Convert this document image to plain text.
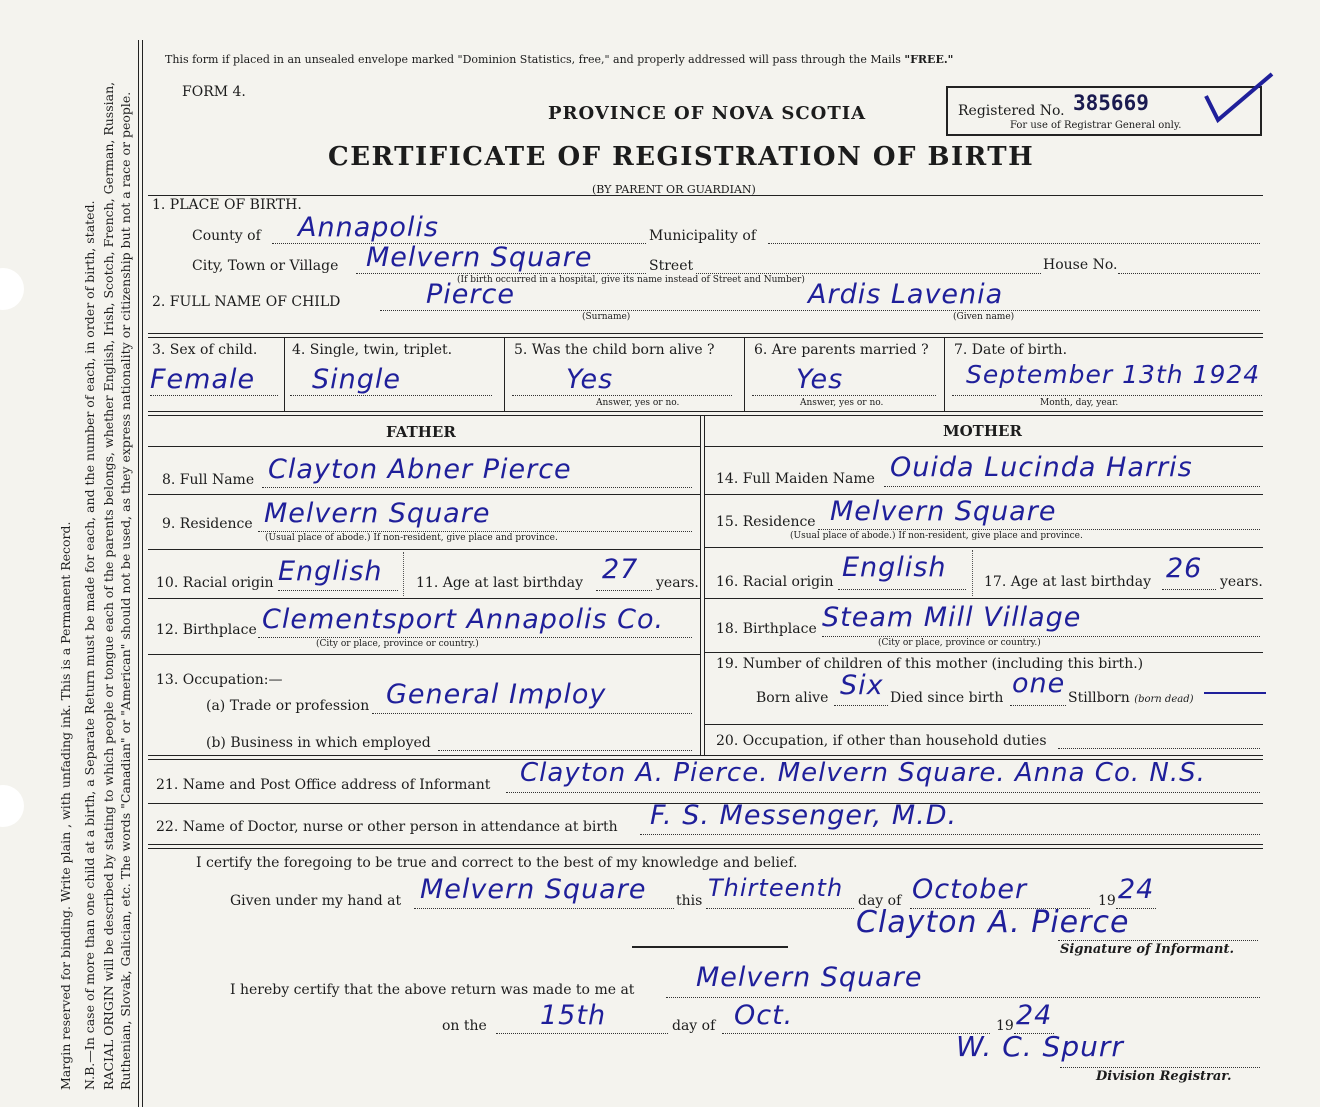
Margin reserved for binding. Write plain , with unfading ink. This is a Permanent Record. N.B.—In case of more than one child at a birth, a Separate Return must be made for each, and the number of each, in order of birth, stated. RACIAL ORIGIN will be described by stating to which people or tongue each of the parents belongs, whether English, Irish, Scotch, French, German, Russian, Ruthenian, Slovak, Galician, etc. The words "Canadian" or "American" should not be used, as they express nationality or citizenship but not a race or people.
This form if placed in an unsealed envelope marked "Dominion Statistics, free," and properly addressed will pass through the Mails "FREE."
FORM 4.
PROVINCE OF NOVA SCOTIA
CERTIFICATE OF REGISTRATION OF BIRTH
(BY PARENT OR GUARDIAN)
Registered No. 385669
For use of Registrar General only.
1. PLACE OF BIRTH.
County of Annapolis	Municipality of
City, Town or Village Melvern Square	Street	House No.
(If birth occurred in a hospital, give its name instead of Street and Number)
2. FULL NAME OF CHILD	Pierce
(Surname)
Ardis Lavenia
(Given name)
3. Sex of child.
Female
4. Single, twin, triplet.
Single
5. Was the child born alive ?
Yes
Answer, yes or no.
6. Are parents married ?
Yes
Answer, yes or no.
7. Date of birth.
September 13th 1924
Month, day, year.
FATHER	MOTHER
8. Full Name Clayton Abner Pierce
9. Residence Melvern Square
(Usual place of abode.) If non-resident, give place and province.
10. Racial origin English 11. Age at last birthday 27 years.
12. Birthplace Clementsport Annapolis Co.
(City or place, province or country.)
13. Occupation:—
(a) Trade or profession General Imploy
(b) Business in which employed
14. Full Maiden Name Ouida Lucinda Harris
15. Residence Melvern Square
(Usual place of abode.) If non-resident, give place and province.
16. Racial origin English	17. Age at last birthday 26 years.
18. Birthplace Steam Mill Village
(City or place, province or country.)
19. Number of children of this mother (including this birth.)
Born alive Six Died since birth one Stillborn (born dead)
20. Occupation, if other than household duties
21. Name and Post Office address of Informant Clayton A. Pierce. Melvern Square. Anna Co. N.S.
22. Name of Doctor, nurse or other person in attendance at birth F. S. Messenger, M.D.
I certify the foregoing to be true and correct to the best of my knowledge and belief.
Given under my hand at Melvern Square this Thirteenth day of October	19 24
Clayton A. Pierce
Signature of Informant.
I hereby certify that the above return was made to me at Melvern Square
on the 15th	day of Oct.	19 24
W. C. Spurr
Division Registrar.
